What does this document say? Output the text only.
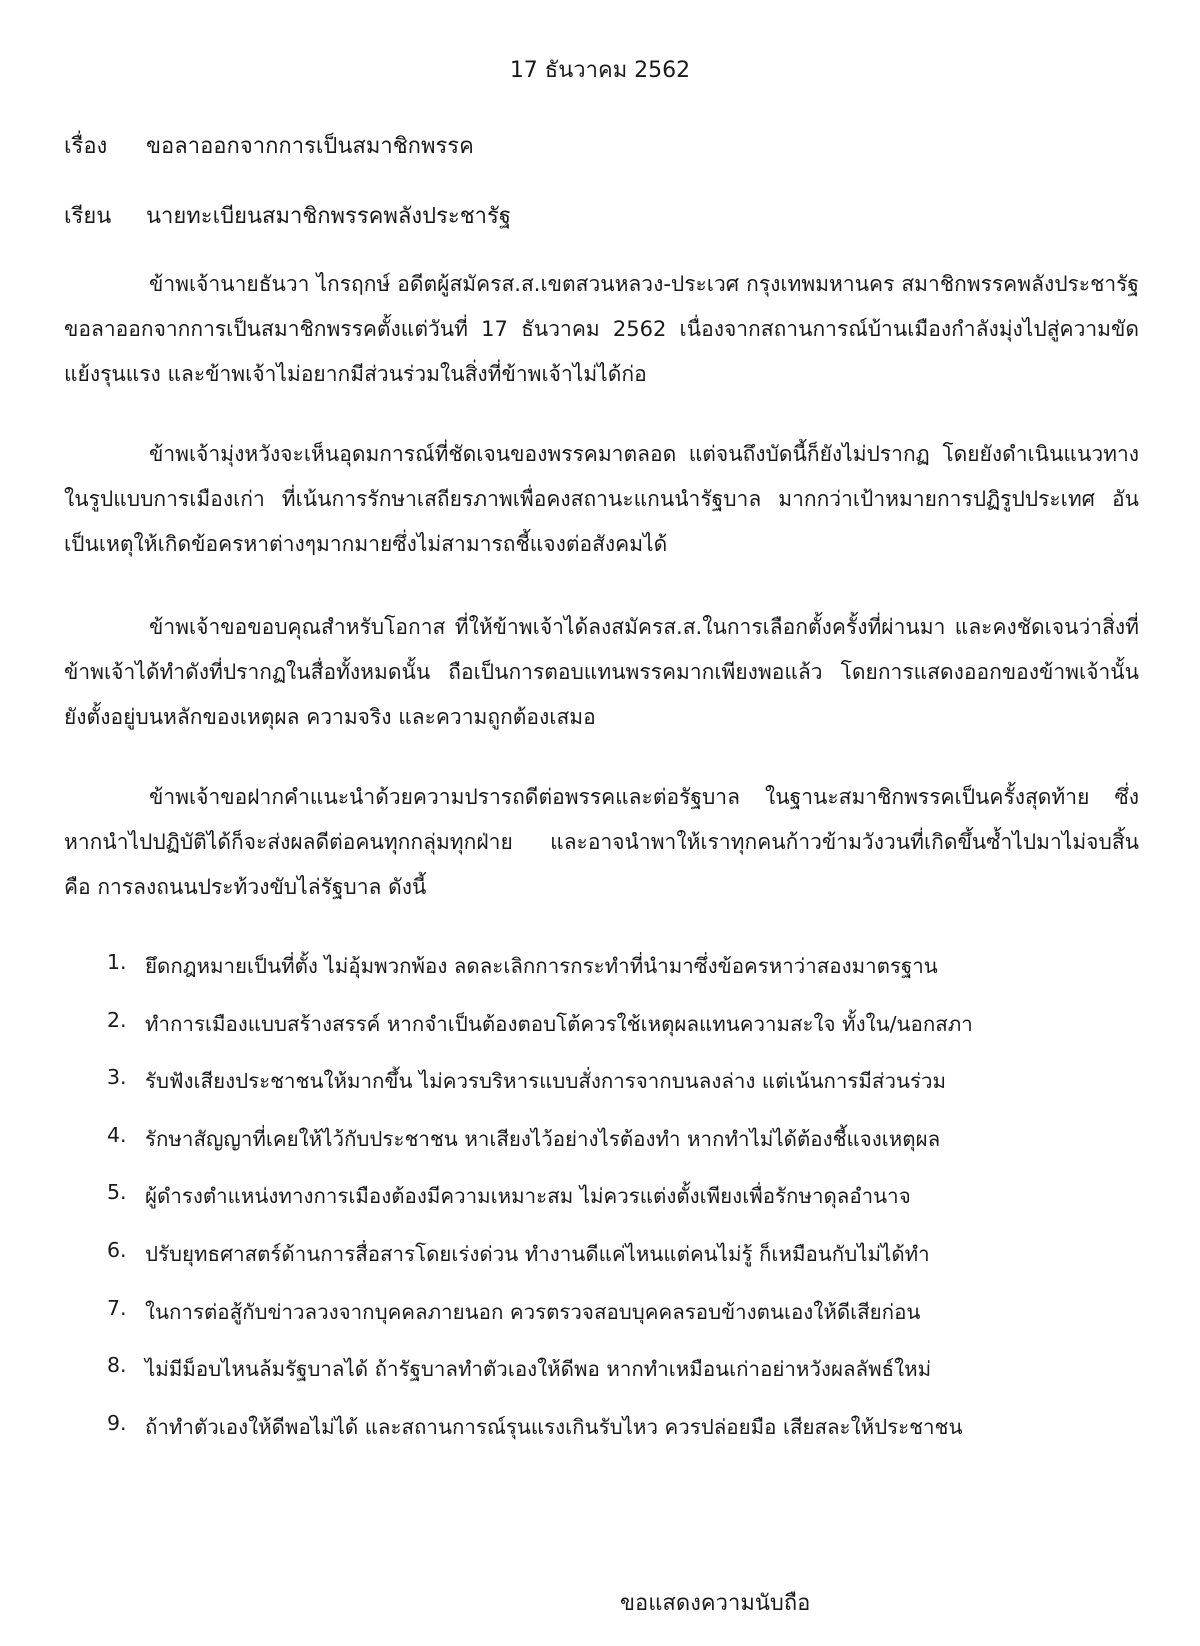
17 ธันวาคม 2562
เรื่อง	ขอลาออกจากการเป็นสมาชิกพรรค
เรียน	นายทะเบียนสมาชิกพรรคพลังประชารัฐ

ข้าพเจ้านายธันวา ไกรฤกษ์ อดีตผู้สมัครส.ส.เขตสวนหลวง-ประเวศ กรุงเทพมหานคร สมาชิกพรรคพลังประชารัฐ ขอลาออกจากการเป็นสมาชิกพรรคตั้งแต่วันที่ 17 ธันวาคม 2562 เนื่องจากสถานการณ์บ้านเมืองกำลังมุ่งไปสู่ความขัดแย้งรุนแรง และข้าพเจ้าไม่อยากมีส่วนร่วมในสิ่งที่ข้าพเจ้าไม่ได้ก่อ

ข้าพเจ้ามุ่งหวังจะเห็นอุดมการณ์ที่ชัดเจนของพรรคมาตลอด แต่จนถึงบัดนี้ก็ยังไม่ปรากฏ โดยยังดำเนินแนวทางในรูปแบบการเมืองเก่า ที่เน้นการรักษาเสถียรภาพเพื่อคงสถานะแกนนำรัฐบาล มากกว่าเป้าหมายการปฏิรูปประเทศ อันเป็นเหตุให้เกิดข้อครหาต่างๆมากมายซึ่งไม่สามารถชี้แจงต่อสังคมได้

ข้าพเจ้าขอขอบคุณสำหรับโอกาส ที่ให้ข้าพเจ้าได้ลงสมัครส.ส.ในการเลือกตั้งครั้งที่ผ่านมา และคงชัดเจนว่าสิ่งที่ข้าพเจ้าได้ทำดังที่ปรากฏในสื่อทั้งหมดนั้น ถือเป็นการตอบแทนพรรคมากเพียงพอแล้ว โดยการแสดงออกของข้าพเจ้านั้น ยังตั้งอยู่บนหลักของเหตุผล ความจริง และความถูกต้องเสมอ

ข้าพเจ้าขอฝากคำแนะนำด้วยความปรารถดีต่อพรรคและต่อรัฐบาล ในฐานะสมาชิกพรรคเป็นครั้งสุดท้าย ซึ่งหากนำไปปฏิบัติได้ก็จะส่งผลดีต่อคนทุกกลุ่มทุกฝ่าย และอาจนำพาให้เราทุกคนก้าวข้ามวังวนที่เกิดขึ้นซ้ำไปมาไม่จบสิ้น คือ การลงถนนประท้วงขับไล่รัฐบาล ดังนี้

1. ยึดกฎหมายเป็นที่ตั้ง ไม่อุ้มพวกพ้อง ลดละเลิกการกระทำที่นำมาซึ่งข้อครหาว่าสองมาตรฐาน
2. ทำการเมืองแบบสร้างสรรค์ หากจำเป็นต้องตอบโต้ควรใช้เหตุผลแทนความสะใจ ทั้งใน/นอกสภา
3. รับฟังเสียงประชาชนให้มากขึ้น ไม่ควรบริหารแบบสั่งการจากบนลงล่าง แต่เน้นการมีส่วนร่วม
4. รักษาสัญญาที่เคยให้ไว้กับประชาชน หาเสียงไว้อย่างไรต้องทำ หากทำไม่ได้ต้องชี้แจงเหตุผล
5. ผู้ดำรงตำแหน่งทางการเมืองต้องมีความเหมาะสม ไม่ควรแต่งตั้งเพียงเพื่อรักษาดุลอำนาจ
6. ปรับยุทธศาสตร์ด้านการสื่อสารโดยเร่งด่วน ทำงานดีแค่ไหนแต่คนไม่รู้ ก็เหมือนกับไม่ได้ทำ
7. ในการต่อสู้กับข่าวลวงจากบุคคลภายนอก ควรตรวจสอบบุคคลรอบข้างตนเองให้ดีเสียก่อน
8. ไม่มีม็อบไหนล้มรัฐบาลได้ ถ้ารัฐบาลทำตัวเองให้ดีพอ หากทำเหมือนเก่าอย่าหวังผลลัพธ์ใหม่
9. ถ้าทำตัวเองให้ดีพอไม่ได้ และสถานการณ์รุนแรงเกินรับไหว ควรปล่อยมือ เสียสละให้ประชาชน
ขอแสดงความนับถือ
